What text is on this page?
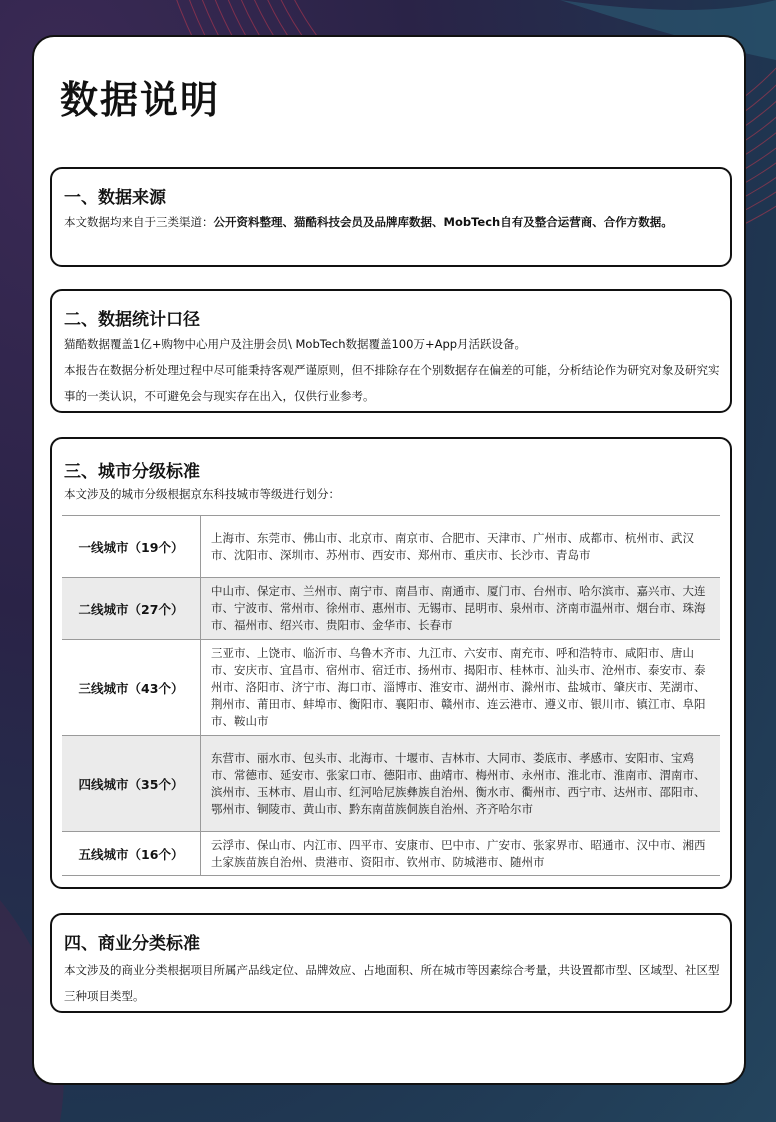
数据说明
一、数据来源
本文数据均来自于三类渠道：公开资料整理、猫酷科技会员及品牌库数据、MobTech自有及整合运营商、合作方数据。
二、数据统计口径
猫酷数据覆盖1亿+购物中心用户及注册会员\ MobTech数据覆盖100万+App月活跃设备。
本报告在数据分析处理过程中尽可能秉持客观严谨原则，但不排除存在个别数据存在偏差的可能，分析结论作为研究对象及研究实事的一类认识，不可避免会与现实存在出入，仅供行业参考。
三、城市分级标准
本文涉及的城市分级根据京东科技城市等级进行划分：
一线城市（19个）	上海市、东莞市、佛山市、北京市、南京市、合肥市、天津市、广州市、成都市、杭州市、武汉市、沈阳市、深圳市、苏州市、西安市、郑州市、重庆市、长沙市、青岛市
二线城市（27个）	中山市、保定市、兰州市、南宁市、南昌市、南通市、厦门市、台州市、哈尔滨市、嘉兴市、大连市、宁波市、常州市、徐州市、惠州市、无锡市、昆明市、泉州市、济南市温州市、烟台市、珠海市、福州市、绍兴市、贵阳市、金华市、长春市
三线城市（43个）	三亚市、上饶市、临沂市、乌鲁木齐市、九江市、六安市、南充市、呼和浩特市、咸阳市、唐山市、安庆市、宜昌市、宿州市、宿迁市、扬州市、揭阳市、桂林市、汕头市、沧州市、泰安市、泰州市、洛阳市、济宁市、海口市、淄博市、淮安市、湖州市、滁州市、盐城市、肇庆市、芜湖市、荆州市、莆田市、蚌埠市、衡阳市、襄阳市、赣州市、连云港市、遵义市、银川市、镇江市、阜阳市、鞍山市
四线城市（35个）	东营市、丽水市、包头市、北海市、十堰市、吉林市、大同市、娄底市、孝感市、安阳市、宝鸡市、常德市、延安市、张家口市、德阳市、曲靖市、梅州市、永州市、淮北市、淮南市、渭南市、滨州市、玉林市、眉山市、红河哈尼族彝族自治州、衡水市、衢州市、西宁市、达州市、邵阳市、鄂州市、铜陵市、黄山市、黔东南苗族侗族自治州、齐齐哈尔市
五线城市（16个）	云浮市、保山市、内江市、四平市、安康市、巴中市、广安市、张家界市、昭通市、汉中市、湘西土家族苗族自治州、贵港市、资阳市、钦州市、防城港市、随州市
四、商业分类标准
本文涉及的商业分类根据项目所属产品线定位、品牌效应、占地面积、所在城市等因素综合考量，共设置都市型、区域型、社区型三种项目类型。
